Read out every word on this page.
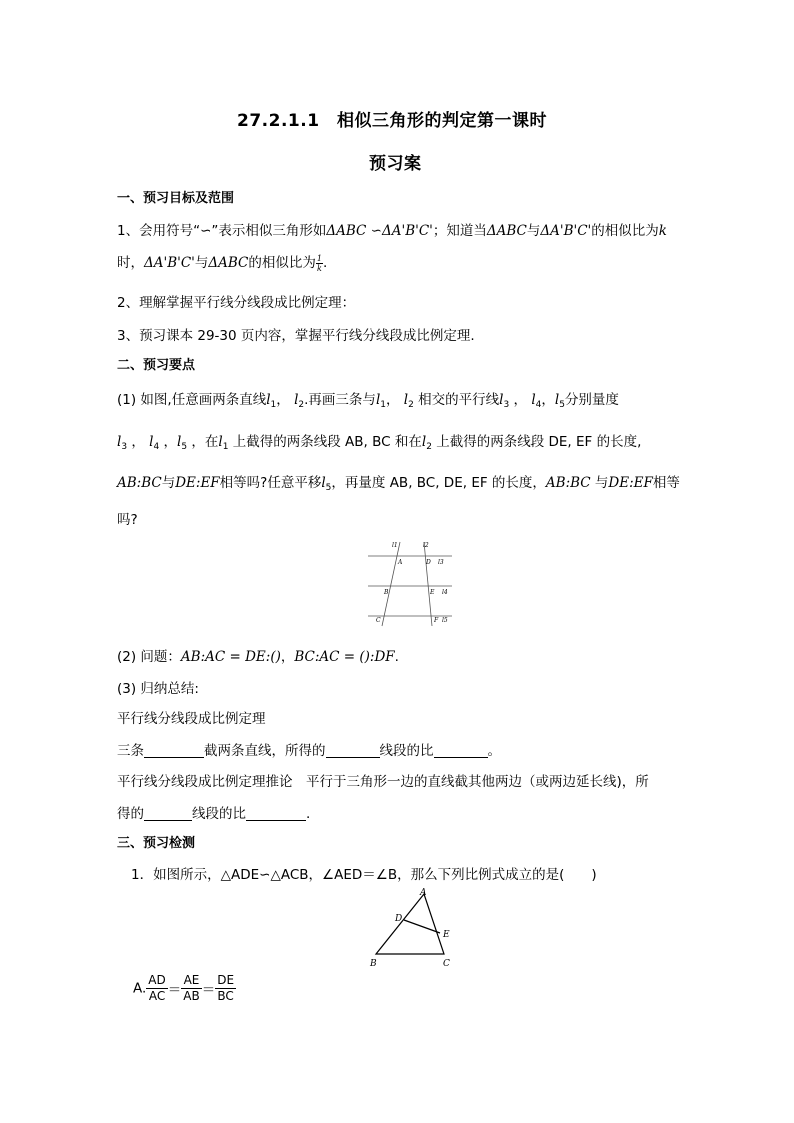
27.2.1.1　相似三角形的判定第一课时
预习案
一、预习目标及范围
1、会用符号“∽”表示相似三角形如ΔABC ∽ΔA'B'C'；知道当ΔABC与ΔA'B'C'的相似比为k
时，ΔA'B'C'与ΔABC的相似比为 $\frac{1}{k}$ .
2、理解掌握平行线分线段成比例定理：
3、预习课本 29-30 页内容，掌握平行线分线段成比例定理.
二、预习要点
(1) 如图,任意画两条直线$l_1$， $l_2$.再画三条与$l_1$， $l_2$ 相交的平行线$l_3$ ， $l_4$，$l_5$分别量度
$l_3$ ， $l_4$ ，$l_5$ ，在$l_1$ 上截得的两条线段 AB, BC 和在$l_2$ 上截得的两条线段 DE, EF 的长度,
AB:BC与DE:EF相等吗?任意平移$l_5$，再量度 AB, BC, DE, EF 的长度，AB:BC 与DE:EF相等
吗?
l1	l2
A	D l3
B	E l4
C	F l5
(2) 问题：AB:AC = DE:()，BC:AC = ():DF.
(3) 归纳总结:
平行线分线段成比例定理
三条	截两条直线，所得的	线段的比	。
平行线分线段成比例定理推论　平行于三角形一边的直线截其他两边（或两边延长线)，所
得的	线段的比	.
三、预习检测
1．如图所示，△ADE∽△ACB，∠AED＝∠B，那么下列比例式成立的是(　　)
A
D
E
B	C
A. $\frac{AD}{AC} = \frac{AE}{AB} = \frac{DE}{BC}$
